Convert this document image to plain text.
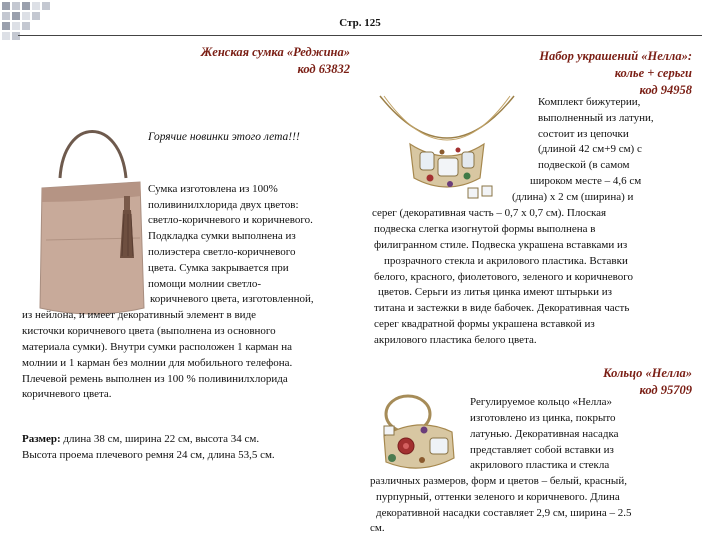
Стр. 125
Женская сумка «Реджина»
код 63832
Горячие новинки этого лета!!!
Сумка изготовлена из 100%
поливинилхлорида двух цветов:
светло-коричневого и коричневого.
Подкладка сумки выполнена из
полиэстера светло-коричневого
цвета. Сумка закрывается при
помощи молнии светло-
коричневого цвета, изготовленной,
из нейлона, и имеет декоративный элемент в виде
кисточки коричневого цвета (выполнена из основного
материала сумки). Внутри сумки расположен 1 карман на
молнии и 1 карман без молнии для мобильного телефона.
Плечевой ремень выполнен из 100 % поливинилхлорида
коричневого цвета.
Размер: длина 38 см, ширина 22 см, высота 34 см.
Высота проема плечевого ремня 24 см, длина 53,5 см.
Набор украшений «Нелла»:
колье + серьги
код 94958
Комплект бижутерии,
выполненный из латуни,
состоит из цепочки
(длиной 42 см+9 см) с
подвеской (в самом
широком месте – 4,6 см
(длина) х 2 см (ширина) и
серег (декоративная часть – 0,7 х 0,7 см). Плоская
подвеска слегка изогнутой формы выполнена в
филигранном стиле. Подвеска украшена вставками из
прозрачного стекла и акрилового пластика. Вставки
белого, красного, фиолетового, зеленого и коричневого
цветов. Серьги из литья цинка имеют штырьки из
титана и застежки в виде бабочек. Декоративная часть
серег квадратной формы украшена вставкой из
акрилового пластика белого цвета.
Кольцо «Нелла»
код 95709
Регулируемое кольцо «Нелла»
изготовлено из цинка, покрыто
латунью. Декоративная насадка
представляет собой вставки из
акрилового пластика и стекла
различных размеров, форм и цветов – белый, красный,
пурпурный, оттенки зеленого и коричневого. Длина
декоративной насадки составляет 2,9 см, ширина – 2.5
см.
